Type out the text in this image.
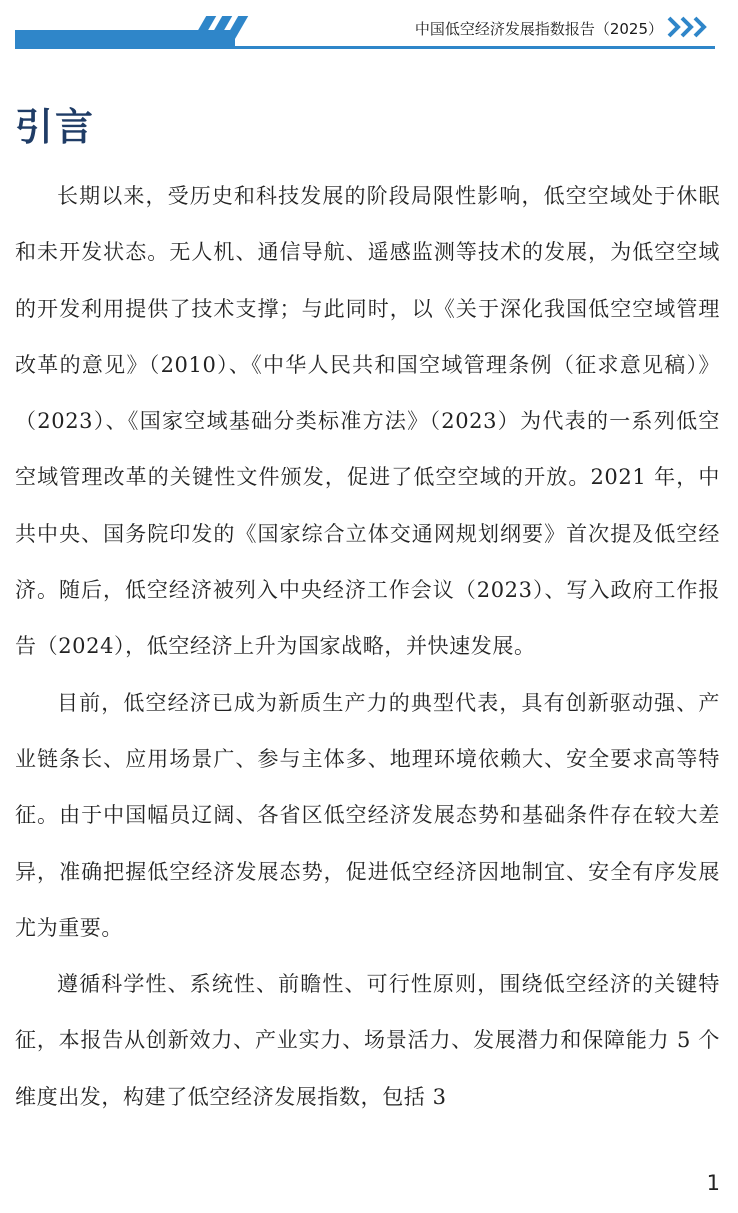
中国低空经济发展指数报告（2025）
引言

长期以来，受历史和科技发展的阶段局限性影响，低空空域处于休眠和未开发状态。无人机、通信导航、遥感监测等技术的发展，为低空空域的开发利用提供了技术支撑；与此同时，以《关于深化我国低空空域管理改革的意见》（2010）、《中华人民共和国空域管理条例（征求意见稿）》（2023）、《国家空域基础分类标准方法》（2023）为代表的一系列低空空域管理改革的关键性文件颁发，促进了低空空域的开放。2021 年，中共中央、国务院印发的《国家综合立体交通网规划纲要》首次提及低空经济。随后，低空经济被列入中央经济工作会议（2023）、写入政府工作报告（2024），低空经济上升为国家战略，并快速发展。

目前，低空经济已成为新质生产力的典型代表，具有创新驱动强、产业链条长、应用场景广、参与主体多、地理环境依赖大、安全要求高等特征。由于中国幅员辽阔、各省区低空经济发展态势和基础条件存在较大差异，准确把握低空经济发展态势，促进低空经济因地制宜、安全有序发展尤为重要。

遵循科学性、系统性、前瞻性、可行性原则，围绕低空经济的关键特征，本报告从创新效力、产业实力、场景活力、发展潜力和保障能力 5 个维度出发，构建了低空经济发展指数，包括 3

1
